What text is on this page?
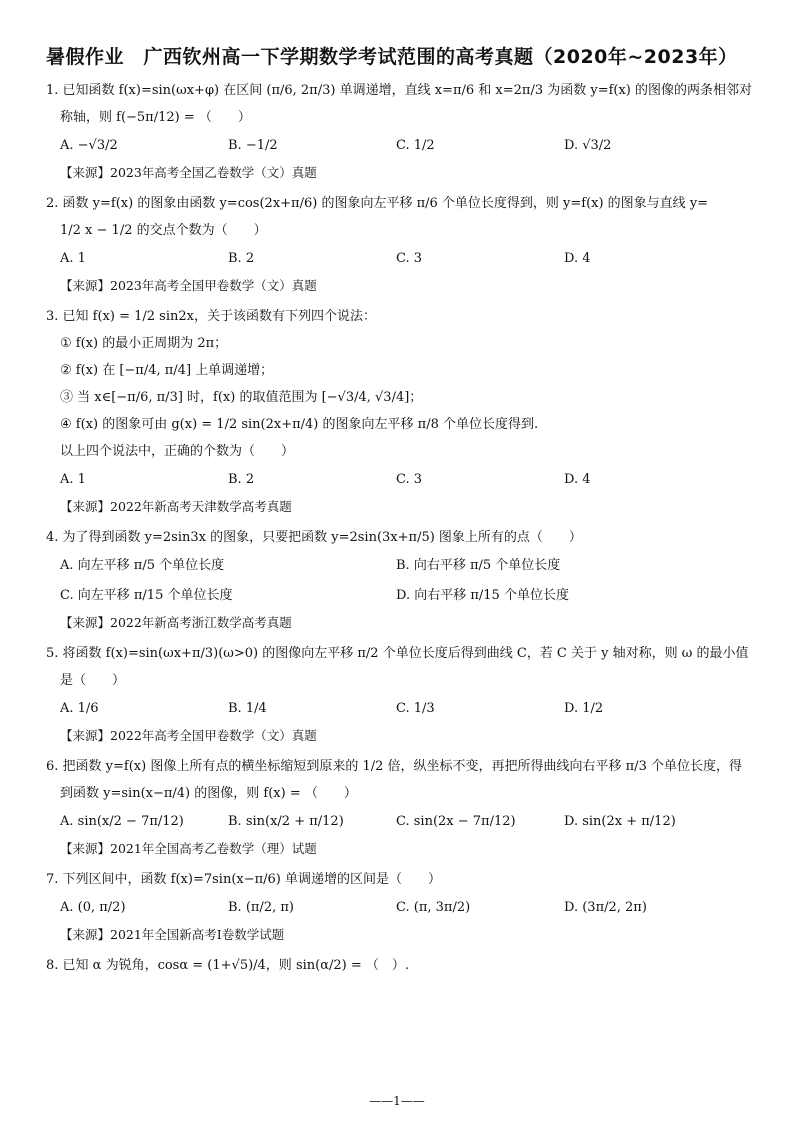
暑假作业　广西钦州高一下学期数学考试范围的高考真题（2020年~2023年）
1. 已知函数 f(x)=sin(ωx+φ) 在区间 (π/6, 2π/3) 单调递增，直线 x=π/6 和 x=2π/3 为函数 y=f(x) 的图像的两条相邻对
称轴，则 f(−5π/12) = （　　）
A. −√3/2	B. −1/2	C. 1/2	D. √3/2
【来源】2023年高考全国乙卷数学（文）真题
2. 函数 y=f(x) 的图象由函数 y=cos(2x+π/6) 的图象向左平移 π/6 个单位长度得到，则 y=f(x) 的图象与直线 y=
1/2 x − 1/2 的交点个数为（　　）
A. 1	B. 2	C. 3	D. 4
【来源】2023年高考全国甲卷数学（文）真题
3. 已知 f(x) = 1/2 sin2x，关于该函数有下列四个说法：
① f(x) 的最小正周期为 2π；
② f(x) 在 [−π/4, π/4] 上单调递增；
③ 当 x∈[−π/6, π/3] 时，f(x) 的取值范围为 [−√3/4, √3/4]；
④ f(x) 的图象可由 g(x) = 1/2 sin(2x+π/4) 的图象向左平移 π/8 个单位长度得到.
以上四个说法中，正确的个数为（　　）
A. 1	B. 2	C. 3	D. 4
【来源】2022年新高考天津数学高考真题
4. 为了得到函数 y=2sin3x 的图象，只要把函数 y=2sin(3x+π/5) 图象上所有的点（　　）
A. 向左平移 π/5 个单位长度	B. 向右平移 π/5 个单位长度
C. 向左平移 π/15 个单位长度	D. 向右平移 π/15 个单位长度
【来源】2022年新高考浙江数学高考真题
5. 将函数 f(x)=sin(ωx+π/3)(ω>0) 的图像向左平移 π/2 个单位长度后得到曲线 C，若 C 关于 y 轴对称，则 ω 的最小值
是（　　）
A. 1/6	B. 1/4	C. 1/3	D. 1/2
【来源】2022年高考全国甲卷数学（文）真题
6. 把函数 y=f(x) 图像上所有点的横坐标缩短到原来的 1/2 倍，纵坐标不变，再把所得曲线向右平移 π/3 个单位长度，得
到函数 y=sin(x−π/4) 的图像，则 f(x) = （　　）
A. sin(x/2 − 7π/12)	B. sin(x/2 + π/12)	C. sin(2x − 7π/12)	D. sin(2x + π/12)
【来源】2021年全国高考乙卷数学（理）试题
7. 下列区间中，函数 f(x)=7sin(x−π/6) 单调递增的区间是（　　）
A. (0, π/2)	B. (π/2, π)	C. (π, 3π/2)	D. (3π/2, 2π)
【来源】2021年全国新高考I卷数学试题
8. 已知 α 为锐角，cosα = (1+√5)/4，则 sin(α/2) = （　）.
——1——
